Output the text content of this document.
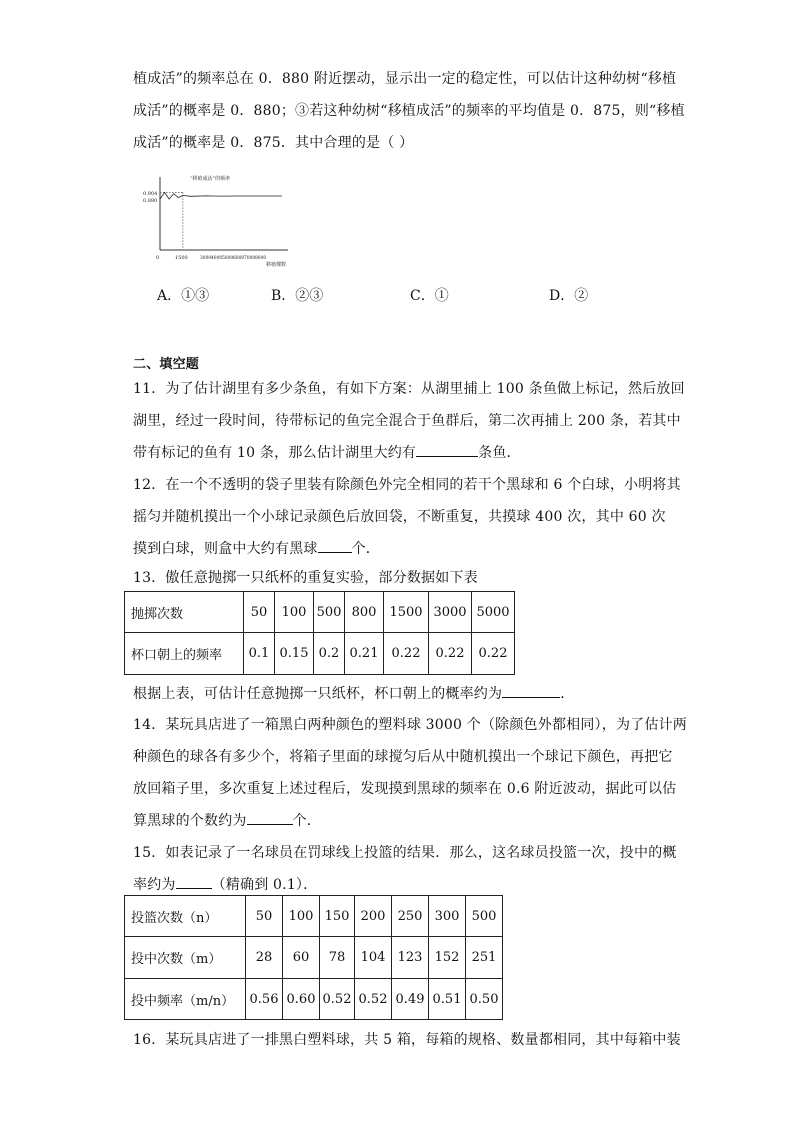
植成活”的频率总在 0．880 附近摆动，显示出一定的稳定性，可以估计这种幼树“移植
成活”的概率是 0．880；③若这种幼树“移植成活”的频率的平均值是 0．875，则“移植
成活”的概率是 0．875．其中合理的是（ ）
“移植成活”的频率
移植棵数
0.904
0.880
0	1500	3000 4000 5000 6000 7000 8000
A．①③	B．②③	C．①	D．②
二、填空题
11．为了估计湖里有多少条鱼，有如下方案：从湖里捕上 100 条鱼做上标记，然后放回
湖里，经过一段时间，待带标记的鱼完全混合于鱼群后，第二次再捕上 200 条，若其中
带有标记的鱼有 10 条，那么估计湖里大约有	条鱼．
12．在一个不透明的袋子里装有除颜色外完全相同的若干个黑球和 6 个白球，小明将其
摇匀并随机摸出一个小球记录颜色后放回袋，不断重复，共摸球 400 次，其中 60 次
摸到白球，则盒中大约有黑球 个．
13．傲任意抛掷一只纸杯的重复实验，部分数据如下表
抛掷次数	50	100	500	800	1500	3000	5000
杯口朝上的频率	0.1	0.15	0.2	0.21	0.22	0.22	0.22
根据上表，可估计任意抛掷一只纸杯，杯口朝上的概率约为	．
14．某玩具店进了一箱黑白两种颜色的塑料球 3000 个（除颜色外都相同），为了估计两
种颜色的球各有多少个，将箱子里面的球搅匀后从中随机摸出一个球记下颜色，再把它
放回箱子里，多次重复上述过程后，发现摸到黑球的频率在 0.6 附近波动，据此可以估
算黑球的个数约为	个．
15．如表记录了一名球员在罚球线上投篮的结果．那么，这名球员投篮一次，投中的概
率约为	（精确到 0.1）．
投篮次数（n）	50	100	150	200	250	300	500
投中次数（m）	28	60	78	104	123	152	251
投中频率（m/n）	0.56	0.60	0.52	0.52	0.49	0.51	0.50
16．某玩具店进了一排黑白塑料球，共 5 箱，每箱的规格、数量都相同，其中每箱中装
